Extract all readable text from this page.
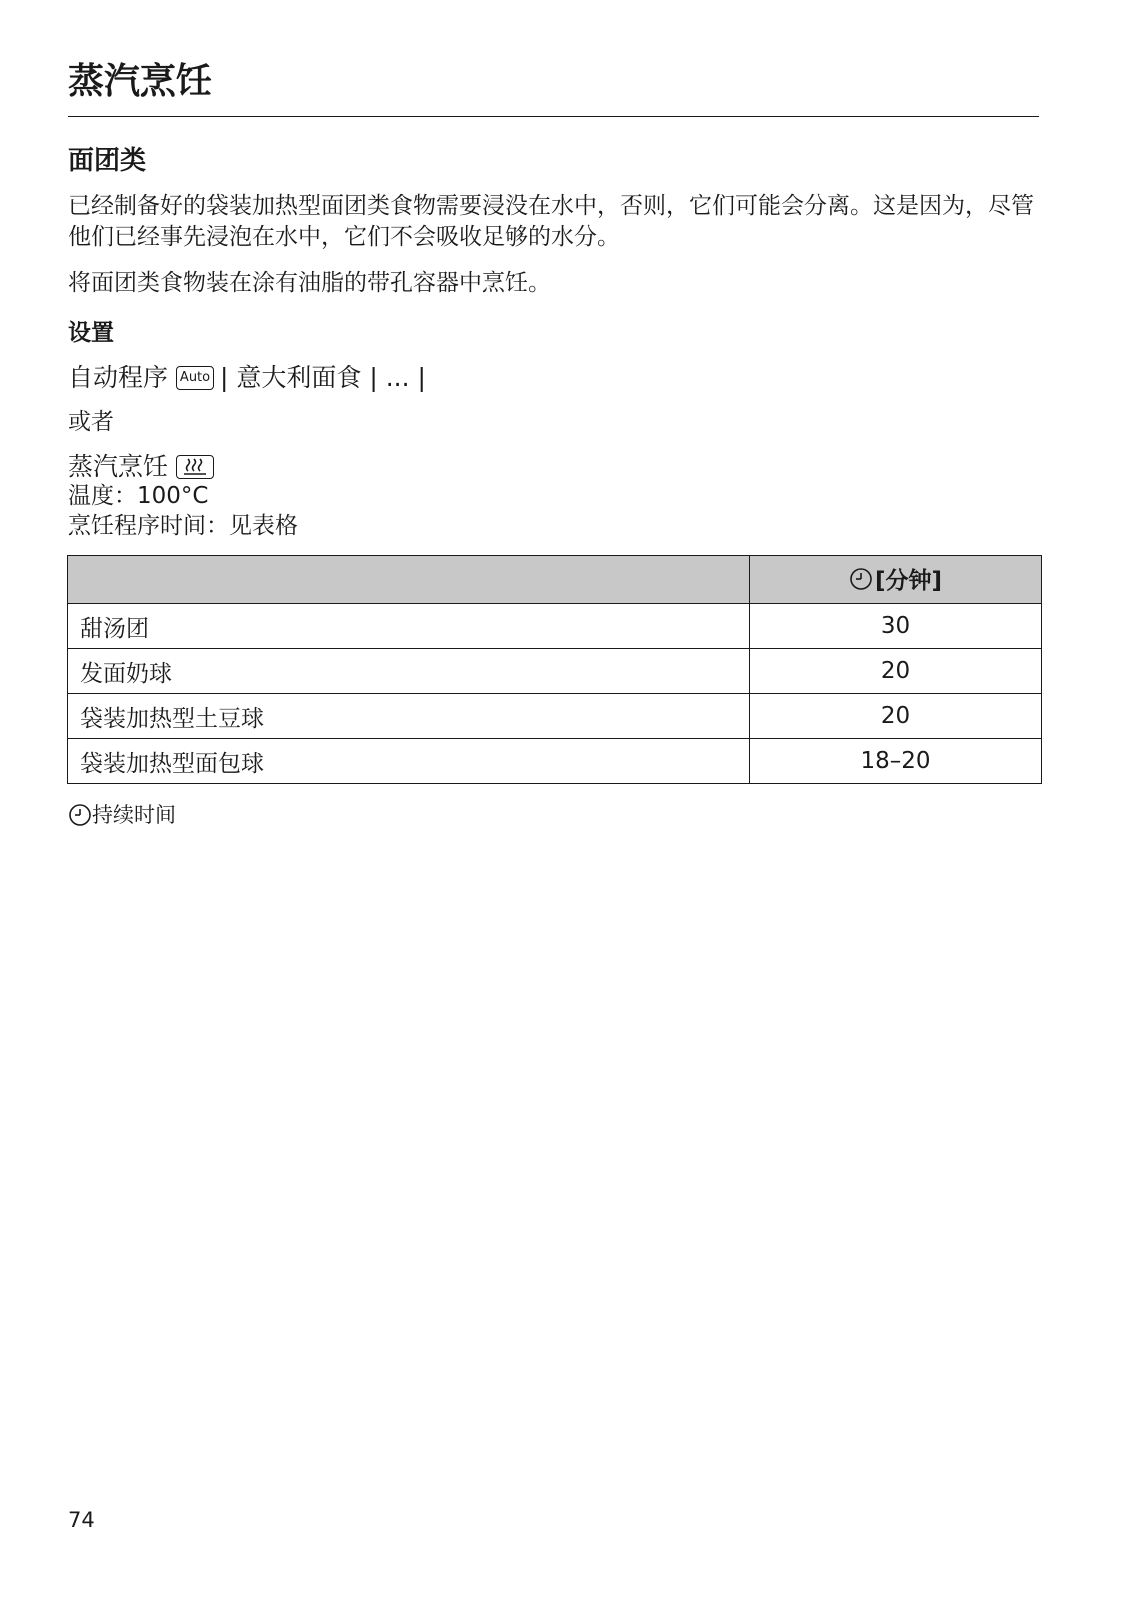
蒸汽烹饪
面团类

已经制备好的袋装加热型面团类食物需要浸没在水中，否则，它们可能会分离。这是因为，尽管他们已经事先浸泡在水中，它们不会吸收足够的水分。

将面团类食物装在涂有油脂的带孔容器中烹饪。

设置
自动程序 Auto | 意大利面食 | ... |
或者
蒸汽烹饪
温度：100°C
烹饪程序时间：见表格

	[分钟]

甜汤团	30
发面奶球	20
袋装加热型土豆球	20
袋装加热型面包球	18–20
持续时间
74
